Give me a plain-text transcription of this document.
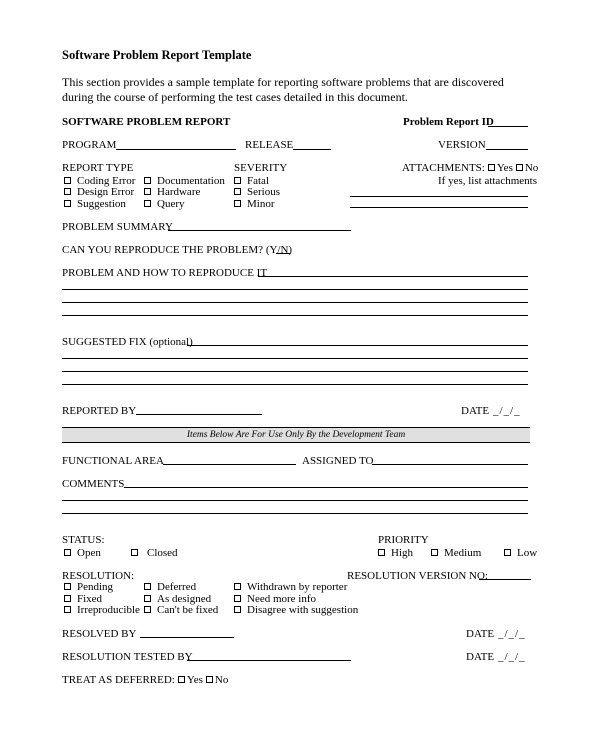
Software Problem Report Template
This section provides a sample template for reporting software problems that are discovered
during the course of performing the test cases detailed in this document.
SOFTWARE PROBLEM REPORT	Problem Report ID
PROGRAM	RELEASE	VERSION
REPORT TYPE
Coding Error
Design Error
Suggestion
Documentation
Hardware
Query
SEVERITY
Fatal
Serious
Minor
ATTACHMENTS: Yes No
If yes, list attachments
PROBLEM SUMMARY
CAN YOU REPRODUCE THE PROBLEM? (Y/N)
PROBLEM AND HOW TO REPRODUCE IT
SUGGESTED FIX (optional)
REPORTED BY	DATE _/_/_
Items Below Are For Use Only By the Development Team
FUNCTIONAL AREA	ASSIGNED TO
COMMENTS
STATUS:
Open	Closed
PRIORITY
High	Medium	Low
RESOLUTION:
Pending
Fixed
Irreproducible
Deferred
As designed
Can't be fixed
Withdrawn by reporter
Need more info
Disagree with suggestion
RESOLUTION VERSION NO:
RESOLVED BY	DATE _/_/_
RESOLUTION TESTED BY	DATE _/_/_
TREAT AS DEFERRED: Yes No
